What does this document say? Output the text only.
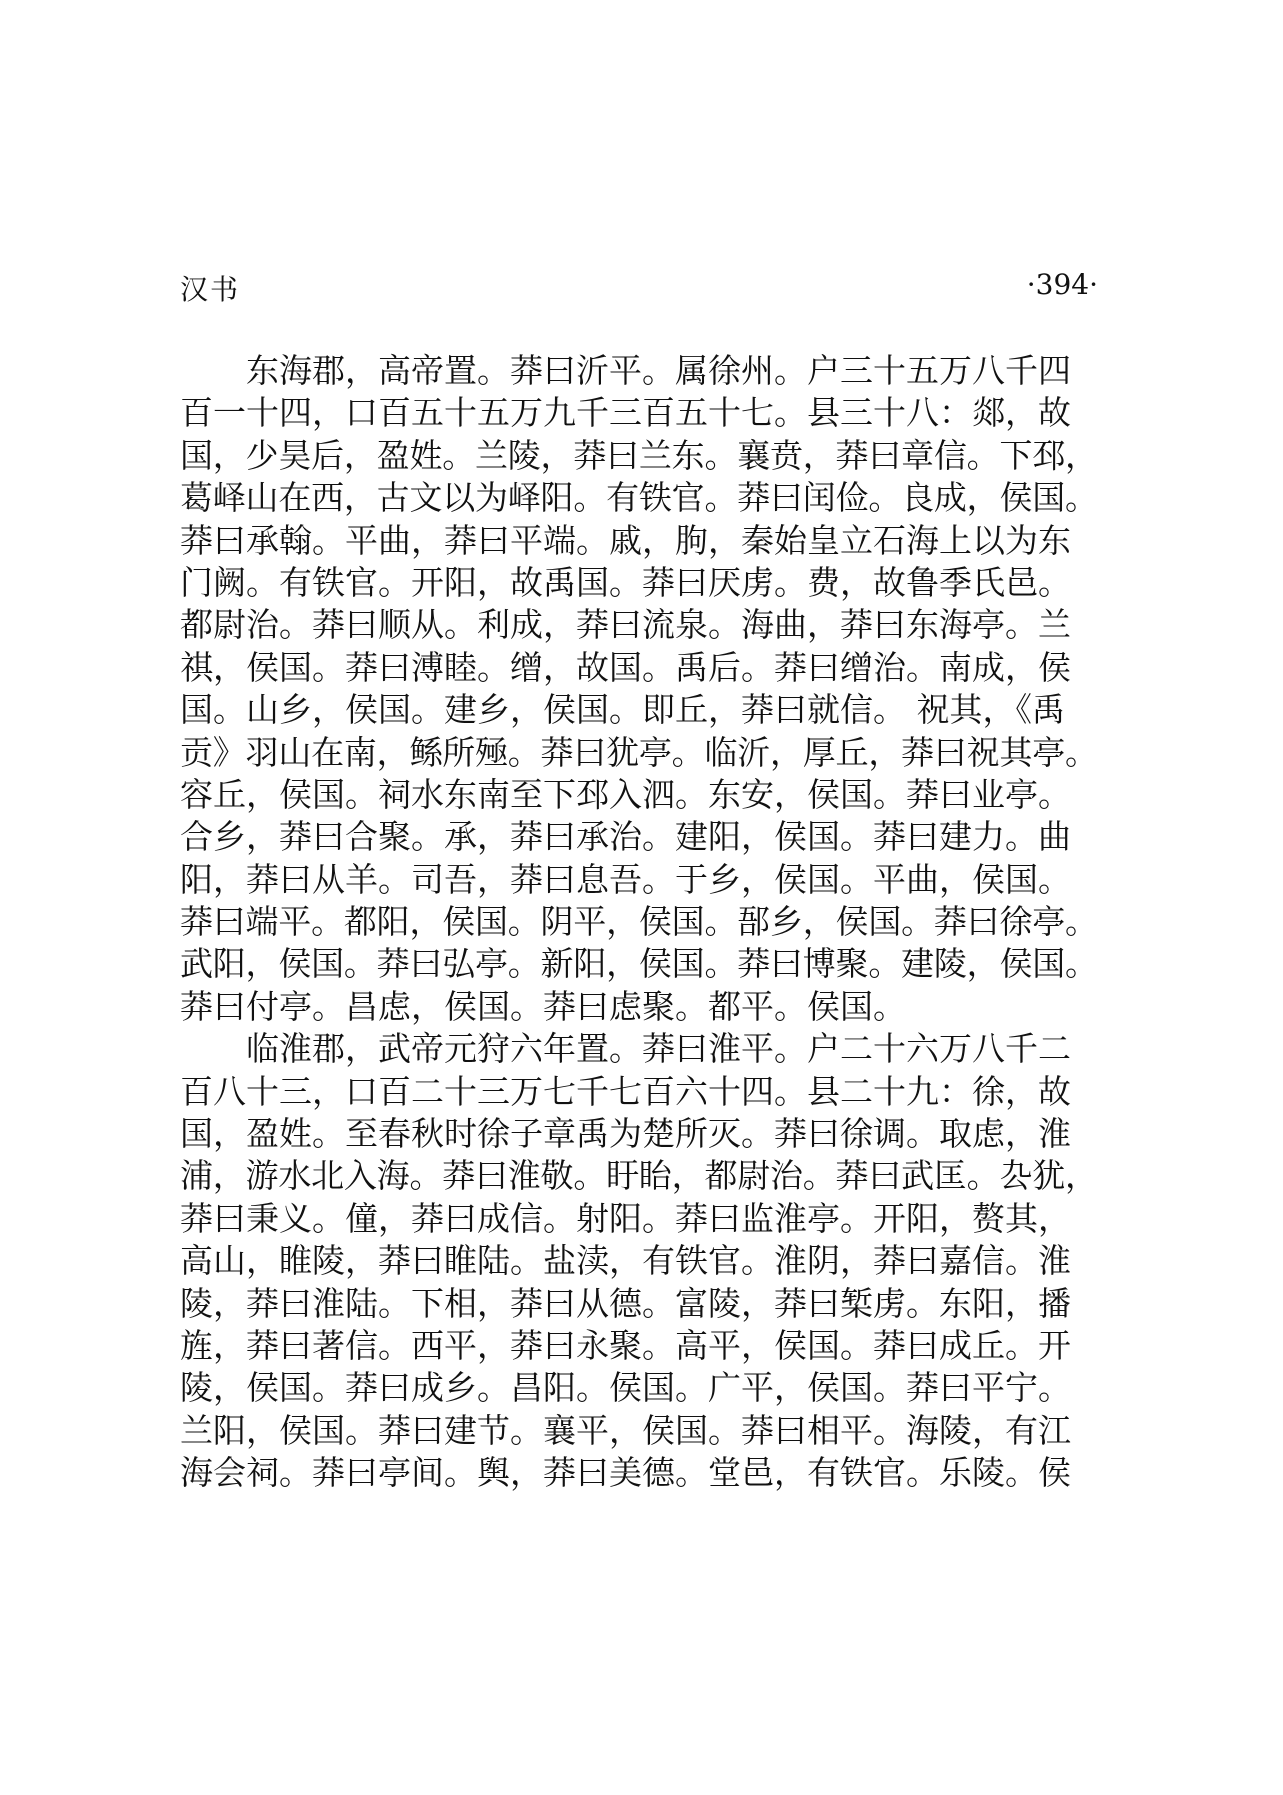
汉书	·394·
东海郡，高帝置。莽曰沂平。属徐州。户三十五万八千四
百一十四，口百五十五万九千三百五十七。县三十八：郯，故
国，少昊后，盈姓。兰陵，莽曰兰东。襄贲，莽曰章信。下邳，
葛峄山在西，古文以为峄阳。有铁官。莽曰闰俭。良成，侯国。
莽曰承翰。平曲，莽曰平端。戚，朐，秦始皇立石海上以为东
门阙。有铁官。开阳，故禹国。莽曰厌虏。费，故鲁季氏邑。
都尉治。莽曰顺从。利成，莽曰流泉。海曲，莽曰东海亭。兰
祺，侯国。莽曰溥睦。缯，故国。禹后。莽曰缯治。南成，侯
国。山乡，侯国。建乡，侯国。即丘，莽曰就信。 祝其，《禹
贡》羽山在南，鲧所殛。莽曰犹亭。临沂，厚丘，莽曰祝其亭。
容丘，侯国。祠水东南至下邳入泗。东安，侯国。莽曰业亭。
合乡，莽曰合聚。承，莽曰承治。建阳，侯国。莽曰建力。曲
阳，莽曰从羊。司吾，莽曰息吾。于乡，侯国。平曲，侯国。
莽曰端平。都阳，侯国。阴平，侯国。郚乡，侯国。莽曰徐亭。
武阳，侯国。莽曰弘亭。新阳，侯国。莽曰博聚。建陵，侯国。
莽曰付亭。昌虑，侯国。莽曰虑聚。都平。侯国。
临淮郡，武帝元狩六年置。莽曰淮平。户二十六万八千二
百八十三，口百二十三万七千七百六十四。县二十九：徐，故
国，盈姓。至春秋时徐子章禹为楚所灭。莽曰徐调。取虑，淮
浦，游水北入海。莽曰淮敬。盱眙，都尉治。莽曰武匡。厹犹，
莽曰秉义。僮，莽曰成信。射阳。莽曰监淮亭。开阳，赘其，
高山，睢陵，莽曰睢陆。盐渎，有铁官。淮阴，莽曰嘉信。淮
陵，莽曰淮陆。下相，莽曰从德。富陵，莽曰椠虏。东阳，播
旌，莽曰著信。西平，莽曰永聚。高平，侯国。莽曰成丘。开
陵，侯国。莽曰成乡。昌阳。侯国。广平，侯国。莽曰平宁。
兰阳，侯国。莽曰建节。襄平，侯国。莽曰相平。海陵，有江
海会祠。莽曰亭间。舆，莽曰美德。堂邑，有铁官。乐陵。侯
